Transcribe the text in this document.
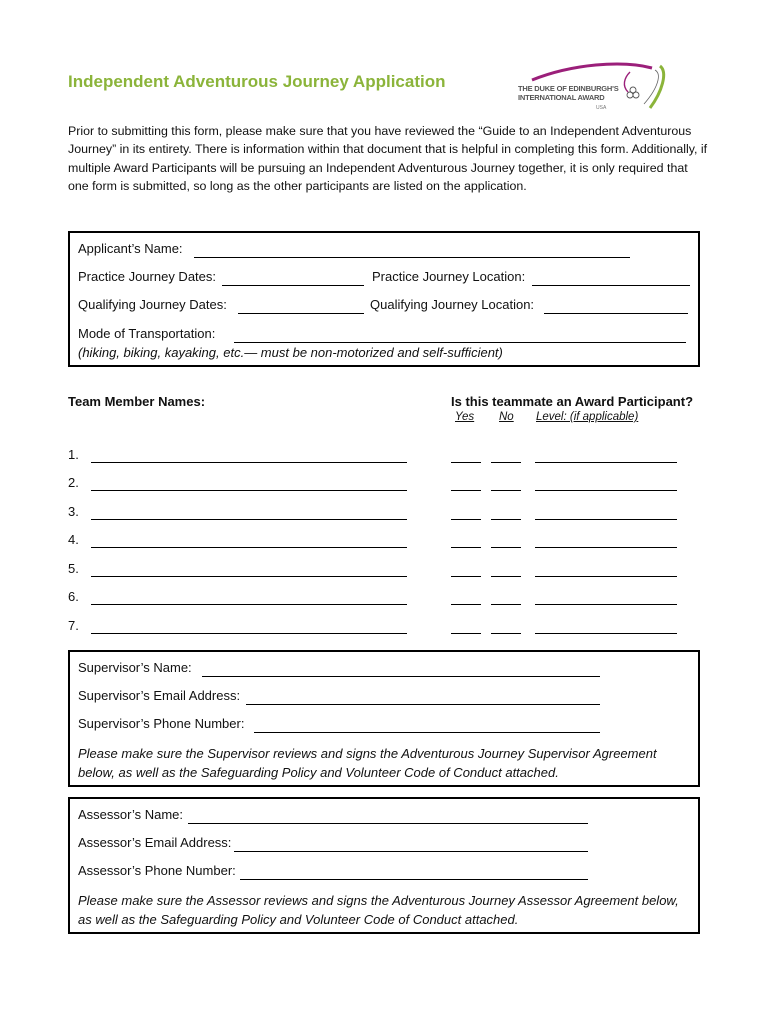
Independent Adventurous Journey Application	THE DUKE OF EDINBURGH'S
INTERNATIONAL AWARD
USA
Prior to submitting this form, please make sure that you have reviewed the “Guide to an Independent Adventurous Journey” in its entirety. There is information within that document that is helpful in completing this form. Additionally, if multiple Award Participants will be pursuing an Independent Adventurous Journey together, it is only required that one form is submitted, so long as the other participants are listed on the application.
Applicant’s Name:
Practice Journey Dates:	Practice Journey Location:
Qualifying Journey Dates:	Qualifying Journey Location:
Mode of Transportation:
(hiking, biking, kayaking, etc.— must be non-motorized and self-sufficient)
Team Member Names:	Is this teammate an Award Participant?
Yes No Level: (if applicable)
1.
2.
3.
4.
5.
6.
7.
Supervisor’s Name:
Supervisor’s Email Address:
Supervisor’s Phone Number:
Please make sure the Supervisor reviews and signs the Adventurous Journey Supervisor Agreement below, as well as the Safeguarding Policy and Volunteer Code of Conduct attached.
Assessor’s Name:
Assessor’s Email Address:
Assessor’s Phone Number:
Please make sure the Assessor reviews and signs the Adventurous Journey Assessor Agreement below, as well as the Safeguarding Policy and Volunteer Code of Conduct attached.
